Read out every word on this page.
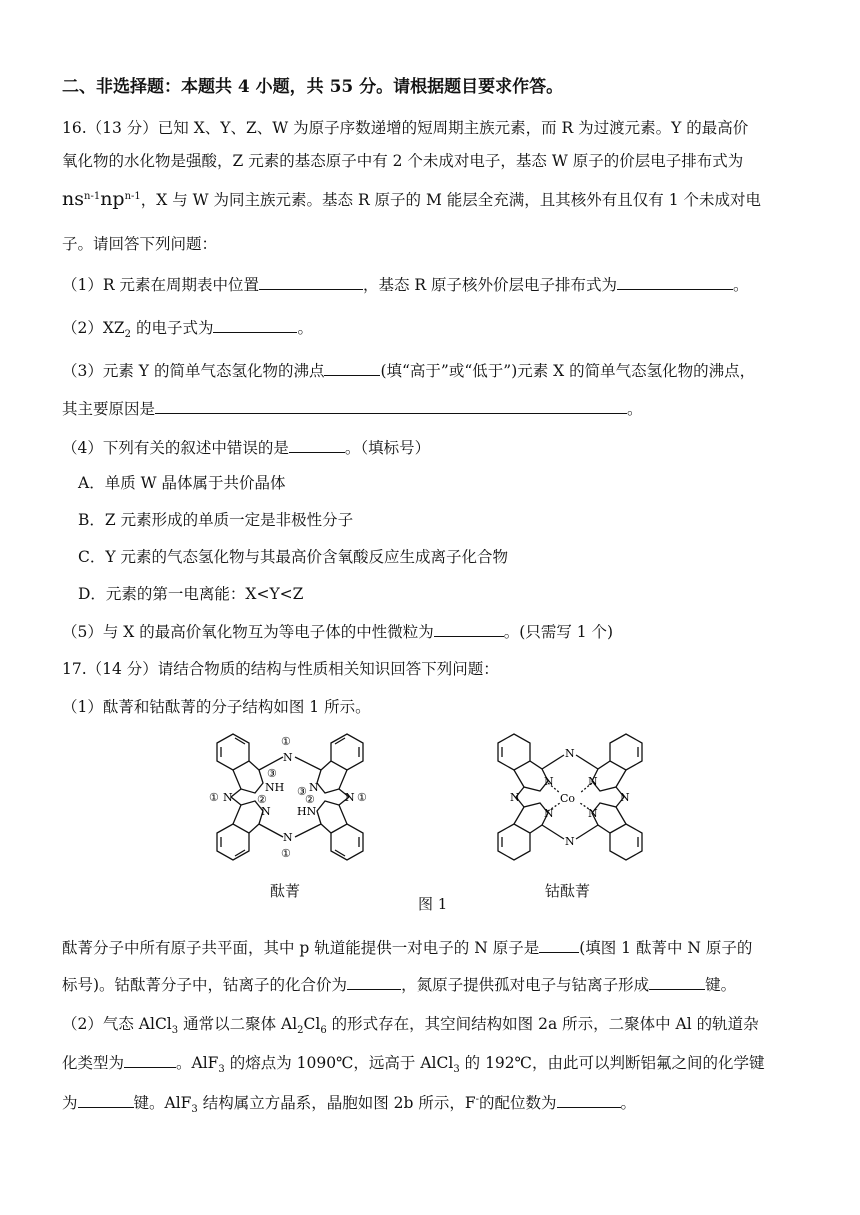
二、非选择题：本题共 4 小题，共 55 分。请根据题目要求作答。
16.（13 分）已知 X、Y、Z、W 为原子序数递增的短周期主族元素，而 R 为过渡元素。Y 的最高价
氧化物的水化物是强酸，Z 元素的基态原子中有 2 个未成对电子，基态 W 原子的价层电子排布式为
$ns^{n-1}np^{n-1}$，X 与 W 为同主族元素。基态 R 原子的 M 能层全充满，且其核外有且仅有 1 个未成对电
子。请回答下列问题：
（1）R 元素在周期表中位置	，基态 R 原子核外价层电子排布式为	。
$(2)XZ_2$ 的电子式为	。
（3）元素 Y 的简单气态氢化物的沸点	(填“高于”或“低于”)元素 X 的简单气态氢化物的沸点，
其主要原因是	。
（4）下列有关的叙述中错误的是	。（填标号）
A．单质 W 晶体属于共价晶体
B．Z 元素形成的单质一定是非极性分子
C．Y 元素的气态氢化物与其最高价含氧酸反应生成离子化合物
D．元素的第一电离能：X<Y<Z
（5）与 X 的最高价氧化物互为等电子体的中性微粒为	。(只需写 1 个)
17.（14 分）请结合物质的结构与性质相关知识回答下列问题：
（1）酞菁和钴酞菁的分子结构如图 1 所示。
N
N
N	N
NH
HN
N
N
①
①
①	①
②	②
③
③
N
N
N	N
N	N
N	N
Co
酞菁
图 1
钴酞菁
酞菁分子中所有原子共平面，其中 p 轨道能提供一对电子的 N 原子是	(填图 1 酞菁中 N 原子的
标号)。钴酞菁分子中，钴离子的化合价为	，氮原子提供孤对电子与钴离子形成	键。
（2）气态 AlCl$_3$ 通常以二聚体 $Al_2Cl_6$ 的形式存在，其空间结构如图 2a 所示，二聚体中 Al 的轨道杂
化类型为	。AlF$_3$ 的熔点为 1090℃，远高于 AlCl$_3$ 的 192℃，由此可以判断铝氟之间的化学键
为	键。AlF$_3$ 结构属立方晶系，晶胞如图 2b 所示，F-的配位数为	。
